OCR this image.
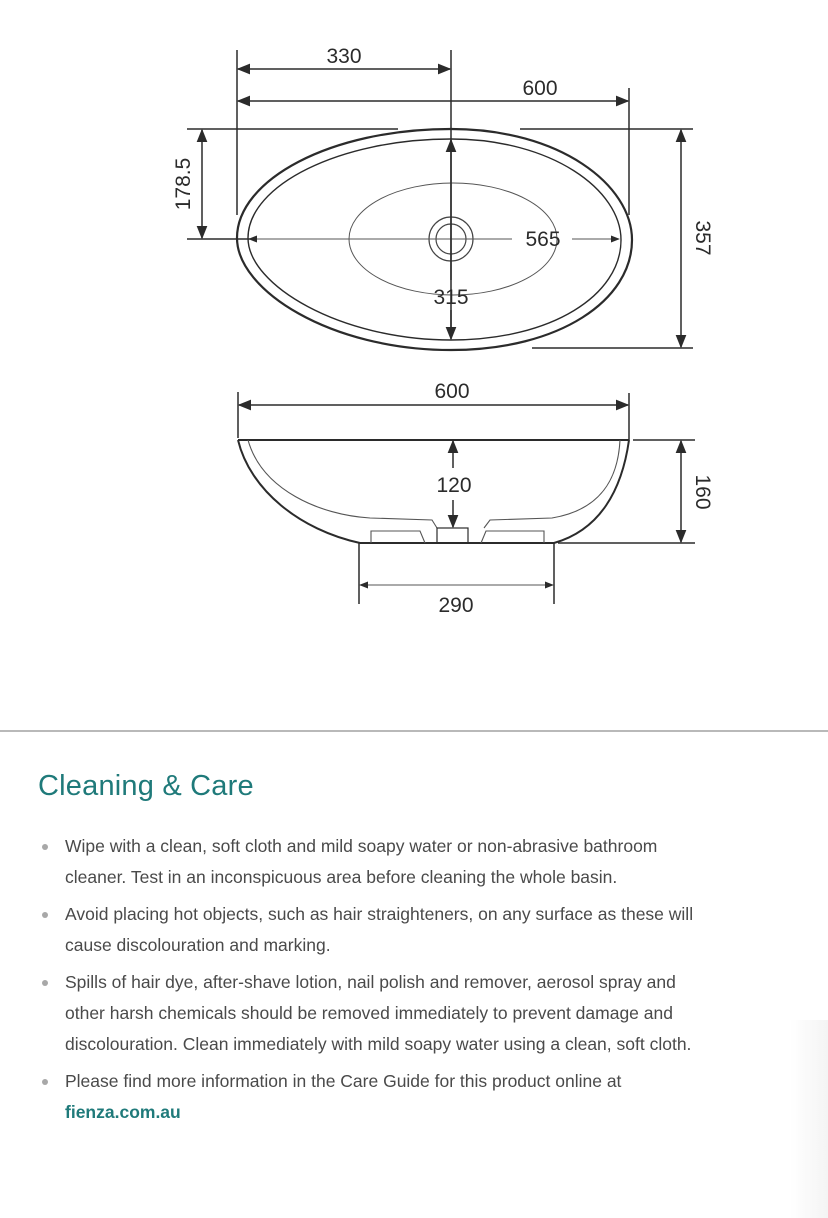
330
600
178.5
357
565
315
600
120	160
290
Cleaning & Care
Wipe with a clean, soft cloth and mild soapy water or non-abrasive bathroom cleaner. Test in an inconspicuous area before cleaning the whole basin.
Avoid placing hot objects, such as hair straighteners, on any surface as these will cause discolouration and marking.
Spills of hair dye, after-shave lotion, nail polish and remover, aerosol spray and other harsh chemicals should be removed immediately to prevent damage and discolouration. Clean immediately with mild soapy water using a clean, soft cloth.
Please find more information in the Care Guide for this product online at fienza.com.au
